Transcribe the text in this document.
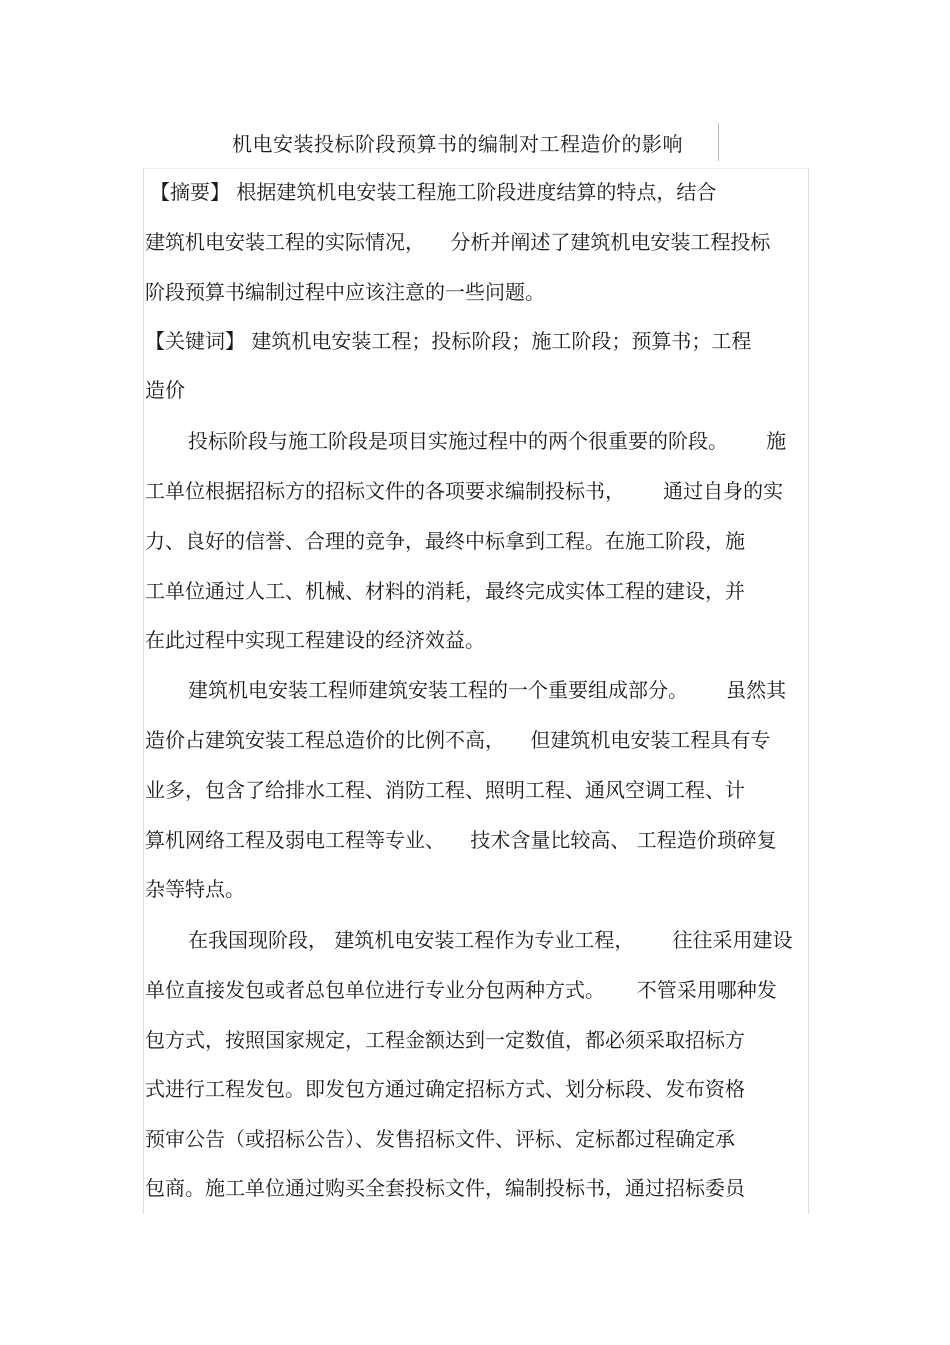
机电安装投标阶段预算书的编制对工程造价的影响
【摘要】 根据建筑机电安装工程施工阶段进度结算的特点，结合
建筑机电安装工程的实际情况，    分析并阐述了建筑机电安装工程投标
阶段预算书编制过程中应该注意的一些问题。
【关键词】 建筑机电安装工程；投标阶段；施工阶段；预算书；工程
造价
投标阶段与施工阶段是项目实施过程中的两个很重要的阶段。      施
工单位根据招标方的招标文件的各项要求编制投标书，      通过自身的实
力、良好的信誉、合理的竞争，最终中标拿到工程。在施工阶段，施
工单位通过人工、机械、材料的消耗，最终完成实体工程的建设，并
在此过程中实现工程建设的经济效益。
建筑机电安装工程师建筑安装工程的一个重要组成部分。      虽然其
造价占建筑安装工程总造价的比例不高，    但建筑机电安装工程具有专
业多，包含了给排水工程、消防工程、照明工程、通风空调工程、计
算机网络工程及弱电工程等专业、    技术含量比较高、 工程造价琐碎复
杂等特点。
在我国现阶段， 建筑机电安装工程作为专业工程，      往往采用建设
单位直接发包或者总包单位进行专业分包两种方式。     不管采用哪种发
包方式，按照国家规定，工程金额达到一定数值，都必须采取招标方
式进行工程发包。即发包方通过确定招标方式、划分标段、发布资格
预审公告（或招标公告）、发售招标文件、评标、定标都过程确定承
包商。施工单位通过购买全套投标文件，编制投标书，通过招标委员
